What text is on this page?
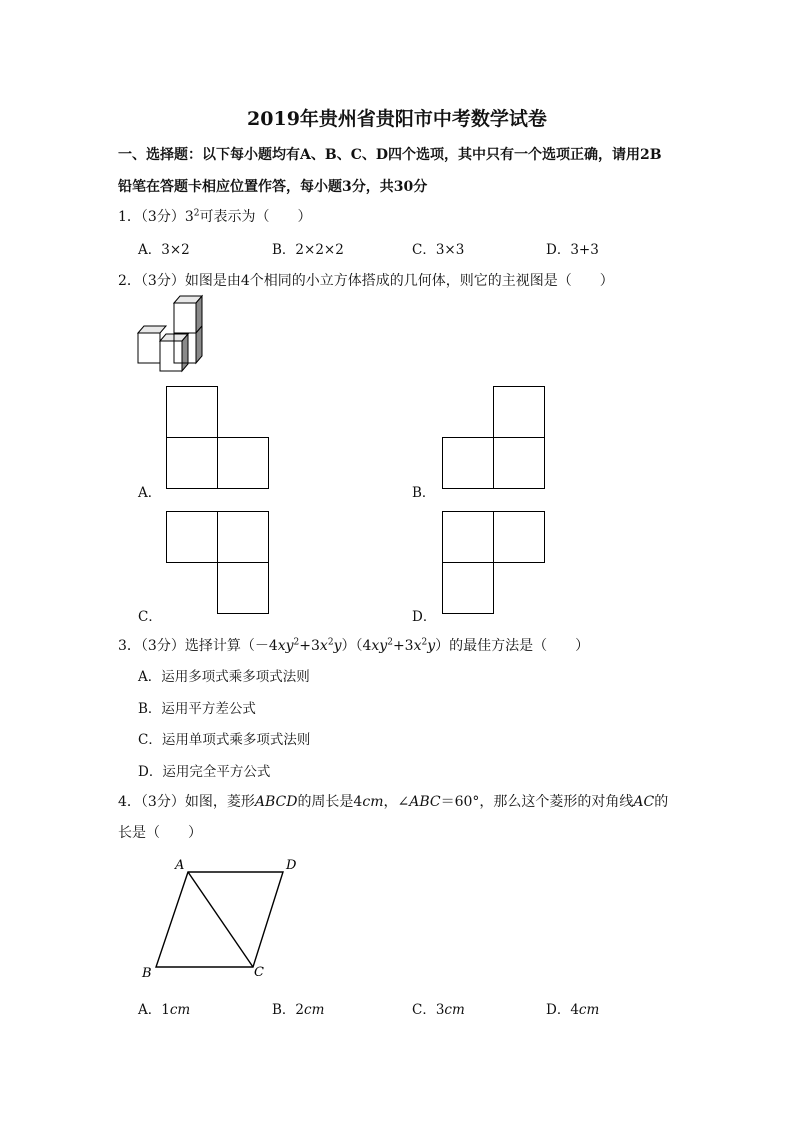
2019年贵州省贵阳市中考数学试卷
一、选择题：以下每小题均有A、B、C、D四个选项，其中只有一个选项正确，请用2B
铅笔在答题卡相应位置作答，每小题3分，共30分
1．（3分）$3^2$可表示为（　　）
A．3×2	B．2×2×2	C．3×3	D．3+3
2．（3分）如图是由4个相同的小立方体搭成的几何体，则它的主视图是（　　）
A．	B．
C．	D．
3．（3分）选择计算$(-4xy^2+3x^2y)(4xy^2+3x^2y)$的最佳方法是（　　）
A．运用多项式乘多项式法则
B．运用平方差公式
C．运用单项式乘多项式法则
D．运用完全平方公式
4．（3分）如图，菱形ABCD的周长是4cm，∠ABC＝60°，那么这个菱形的对角线AC的
长是（　　）
A	D
B	C
A．1cm	B．2cm	C．3cm	D．4cm
